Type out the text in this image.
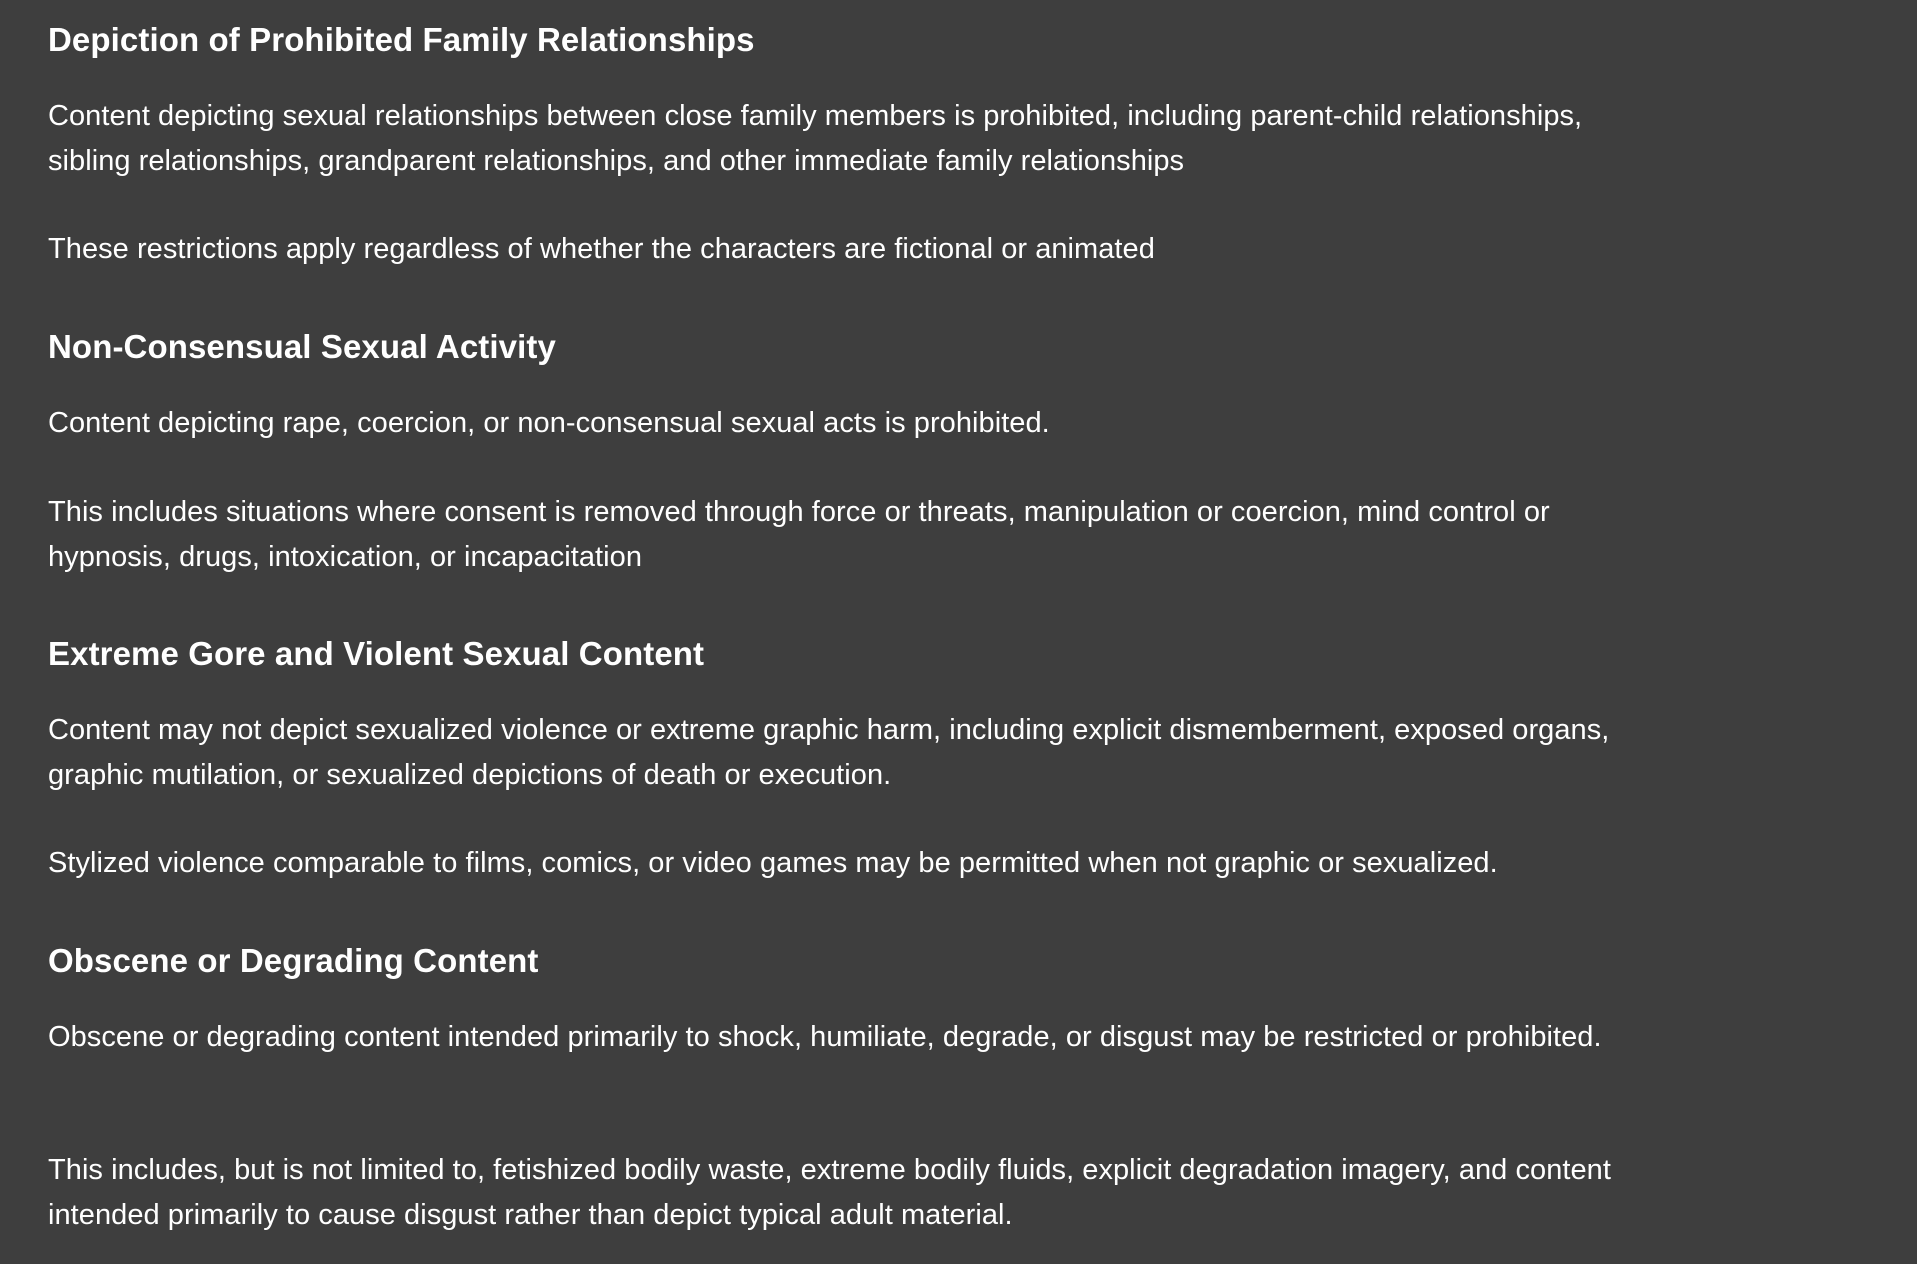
Depiction of Prohibited Family Relationships

Content depicting sexual relationships between close family members is prohibited, including parent-child relationships, sibling relationships, grandparent relationships, and other immediate family relationships

These restrictions apply regardless of whether the characters are fictional or animated

Non-Consensual Sexual Activity

Content depicting rape, coercion, or non-consensual sexual acts is prohibited.

This includes situations where consent is removed through force or threats, manipulation or coercion, mind control or hypnosis, drugs, intoxication, or incapacitation

Extreme Gore and Violent Sexual Content

Content may not depict sexualized violence or extreme graphic harm, including explicit dismemberment, exposed organs, graphic mutilation, or sexualized depictions of death or execution.

Stylized violence comparable to films, comics, or video games may be permitted when not graphic or sexualized.

Obscene or Degrading Content

Obscene or degrading content intended primarily to shock, humiliate, degrade, or disgust may be restricted or prohibited.

This includes, but is not limited to, fetishized bodily waste, extreme bodily fluids, explicit degradation imagery, and content intended primarily to cause disgust rather than depict typical adult material.
